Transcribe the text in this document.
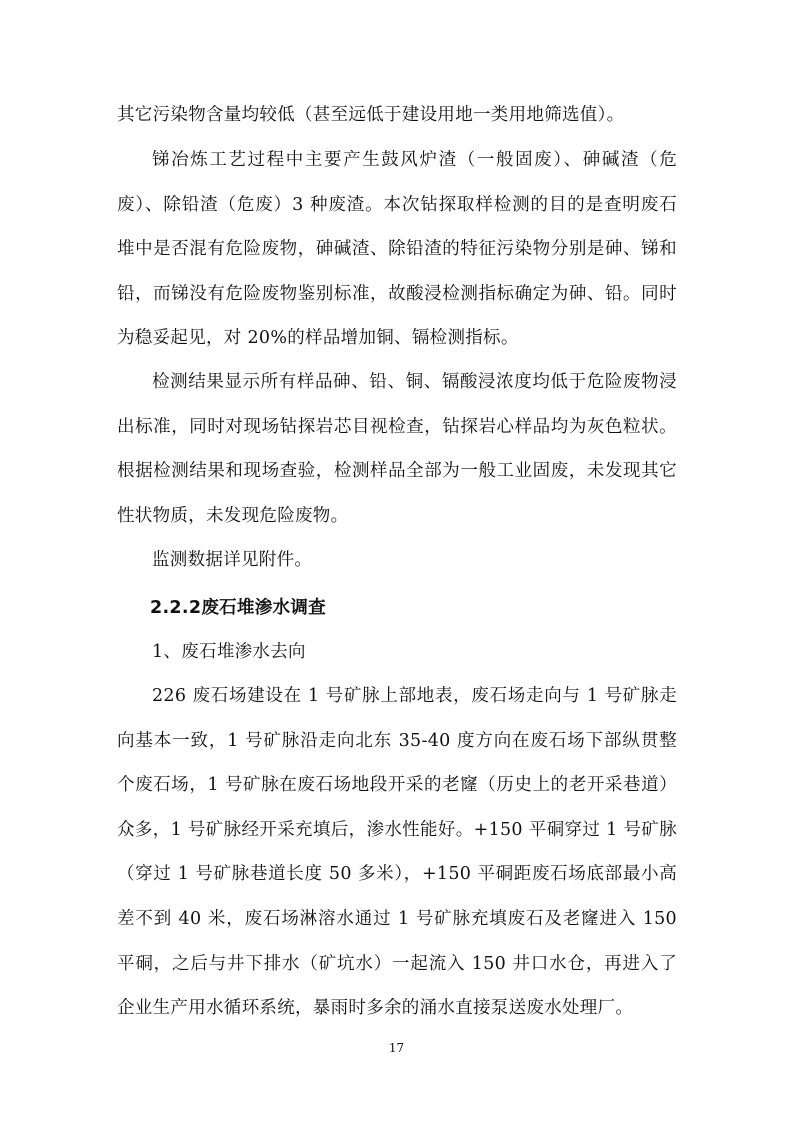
其它污染物含量均较低（甚至远低于建设用地一类用地筛选值）。

锑冶炼工艺过程中主要产生鼓风炉渣（一般固废）、砷碱渣（危废）、除铅渣（危废）3 种废渣。本次钻探取样检测的目的是查明废石堆中是否混有危险废物，砷碱渣、除铅渣的特征污染物分别是砷、锑和铅，而锑没有危险废物鉴别标准，故酸浸检测指标确定为砷、铅。同时为稳妥起见，对 20%的样品增加铜、镉检测指标。

检测结果显示所有样品砷、铅、铜、镉酸浸浓度均低于危险废物浸出标准，同时对现场钻探岩芯目视检查，钻探岩心样品均为灰色粒状。根据检测结果和现场查验，检测样品全部为一般工业固废，未发现其它性状物质，未发现危险废物。

监测数据详见附件。

2.2.2废石堆渗水调查

1、废石堆渗水去向

226 废石场建设在 1 号矿脉上部地表，废石场走向与 1 号矿脉走向基本一致，1 号矿脉沿走向北东 35-40 度方向在废石场下部纵贯整个废石场，1 号矿脉在废石场地段开采的老窿（历史上的老开采巷道）众多，1 号矿脉经开采充填后，渗水性能好。+150 平硐穿过 1 号矿脉（穿过 1 号矿脉巷道长度 50 多米），+150 平硐距废石场底部最小高差不到 40 米，废石场淋溶水通过 1 号矿脉充填废石及老窿进入 150 平硐，之后与井下排水（矿坑水）一起流入 150 井口水仓，再进入了企业生产用水循环系统，暴雨时多余的涌水直接泵送废水处理厂。

17
